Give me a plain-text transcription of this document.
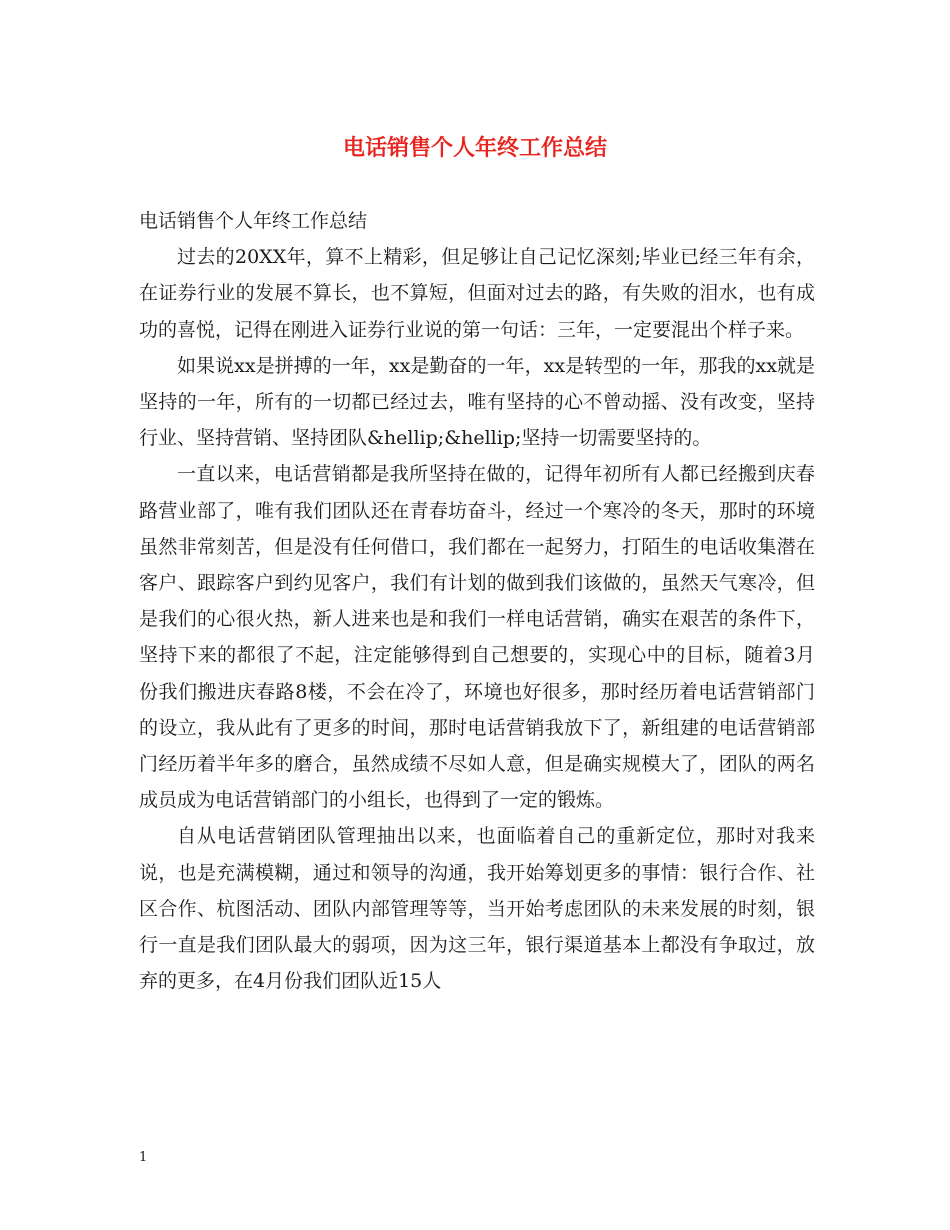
电话销售个人年终工作总结

电话销售个人年终工作总结

过去的20XX年，算不上精彩，但足够让自己记忆深刻;毕业已经三年有余，在证券行业的发展不算长，也不算短，但面对过去的路，有失败的泪水，也有成功的喜悦，记得在刚进入证券行业说的第一句话：三年，一定要混出个样子来。

如果说xx是拼搏的一年，xx是勤奋的一年，xx是转型的一年，那我的xx就是坚持的一年，所有的一切都已经过去，唯有坚持的心不曾动摇、没有改变，坚持行业、坚持营销、坚持团队&hellip;&hellip;坚持一切需要坚持的。

一直以来，电话营销都是我所坚持在做的，记得年初所有人都已经搬到庆春路营业部了，唯有我们团队还在青春坊奋斗，经过一个寒冷的冬天，那时的环境虽然非常刻苦，但是没有任何借口，我们都在一起努力，打陌生的电话收集潜在客户、跟踪客户到约见客户，我们有计划的做到我们该做的，虽然天气寒冷，但是我们的心很火热，新人进来也是和我们一样电话营销，确实在艰苦的条件下，坚持下来的都很了不起，注定能够得到自己想要的，实现心中的目标，随着3月份我们搬进庆春路8楼，不会在冷了，环境也好很多，那时经历着电话营销部门的设立，我从此有了更多的时间，那时电话营销我放下了，新组建的电话营销部门经历着半年多的磨合，虽然成绩不尽如人意，但是确实规模大了，团队的两名成员成为电话营销部门的小组长，也得到了一定的锻炼。

自从电话营销团队管理抽出以来，也面临着自己的重新定位，那时对我来说，也是充满模糊，通过和领导的沟通，我开始筹划更多的事情：银行合作、社区合作、杭图活动、团队内部管理等等，当开始考虑团队的未来发展的时刻，银行一直是我们团队最大的弱项，因为这三年，银行渠道基本上都没有争取过，放弃的更多，在4月份我们团队近15人

1
